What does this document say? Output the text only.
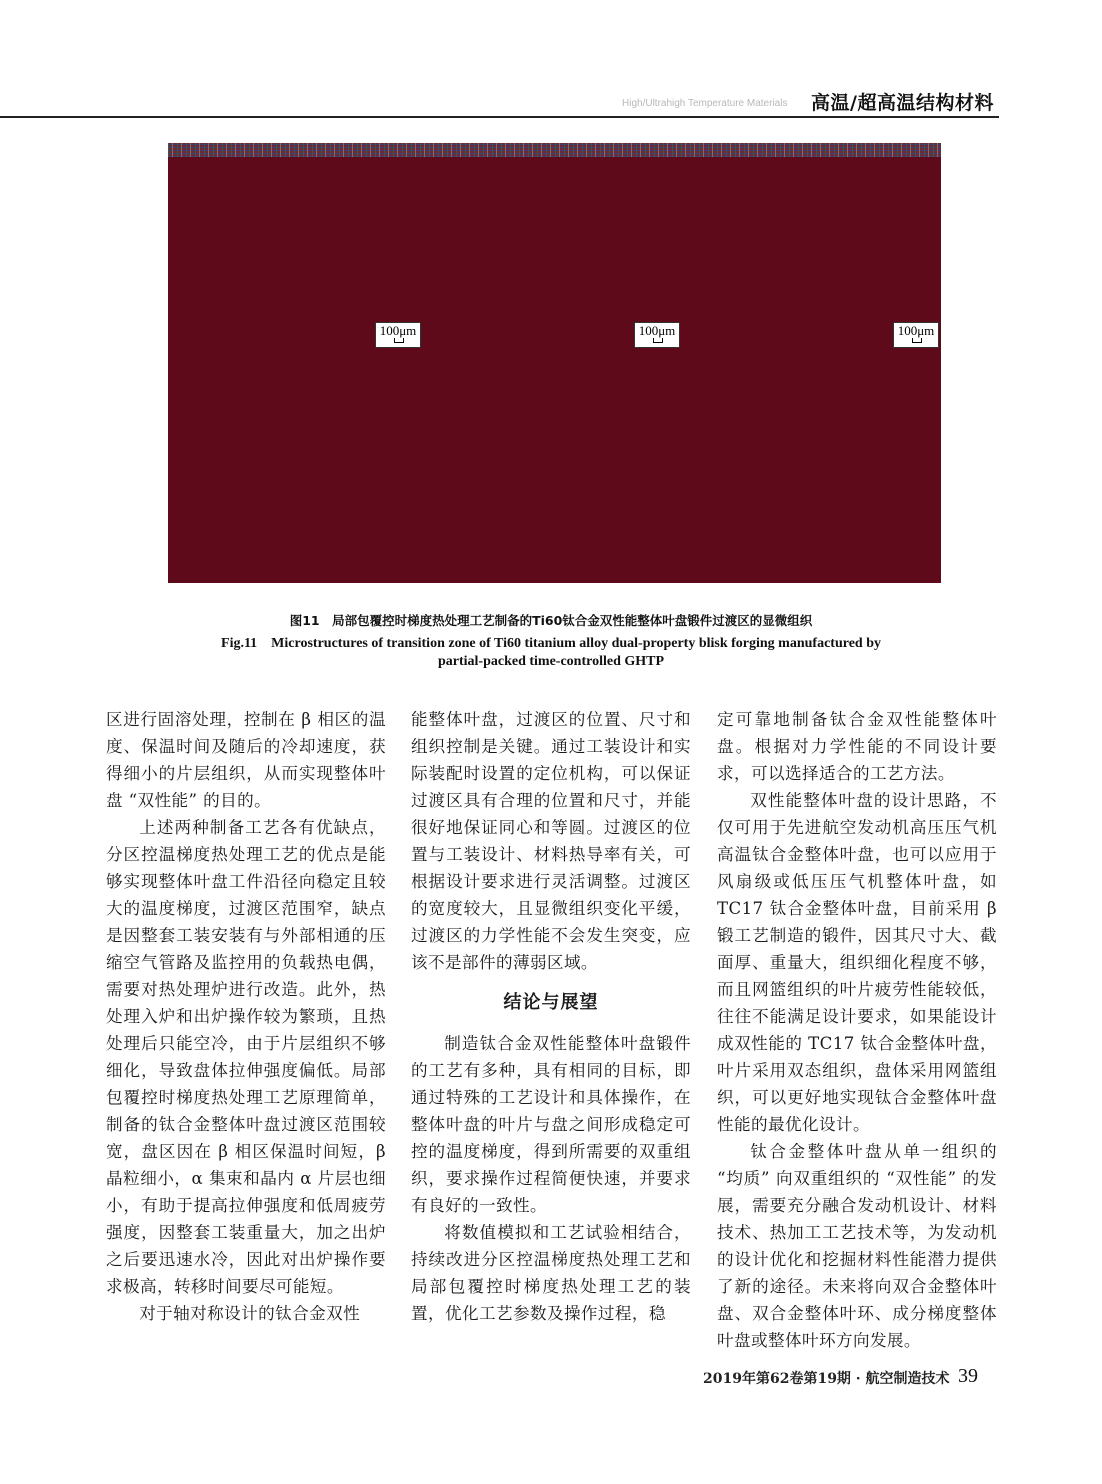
High/Ultrahigh Temperature Materials 高温/超高温结构材料
100μm	100μm	100μm
图11　局部包覆控时梯度热处理工艺制备的Ti60钛合金双性能整体叶盘锻件过渡区的显微组织
Fig.11　Microstructures of transition zone of Ti60 titanium alloy dual-property blisk forging manufactured by
partial-packed time-controlled GHTP

区进行固溶处理，控制在 β 相区的温度、保温时间及随后的冷却速度，获得细小的片层组织，从而实现整体叶盘 “双性能” 的目的。

上述两种制备工艺各有优缺点，分区控温梯度热处理工艺的优点是能够实现整体叶盘工件沿径向稳定且较大的温度梯度，过渡区范围窄，缺点是因整套工装安装有与外部相通的压缩空气管路及监控用的负载热电偶，需要对热处理炉进行改造。此外，热处理入炉和出炉操作较为繁琐，且热处理后只能空冷，由于片层组织不够细化，导致盘体拉伸强度偏低。局部包覆控时梯度热处理工艺原理简单，制备的钛合金整体叶盘过渡区范围较宽，盘区因在 β 相区保温时间短，β 晶粒细小，α 集束和晶内 α 片层也细小，有助于提高拉伸强度和低周疲劳强度，因整套工装重量大，加之出炉之后要迅速水冷，因此对出炉操作要求极高，转移时间要尽可能短。

对于轴对称设计的钛合金双性

能整体叶盘，过渡区的位置、尺寸和组织控制是关键。通过工装设计和实际装配时设置的定位机构，可以保证过渡区具有合理的位置和尺寸，并能很好地保证同心和等圆。过渡区的位置与工装设计、材料热导率有关，可根据设计要求进行灵活调整。过渡区的宽度较大，且显微组织变化平缓，过渡区的力学性能不会发生突变，应该不是部件的薄弱区域。

结论与展望

制造钛合金双性能整体叶盘锻件的工艺有多种，具有相同的目标，即通过特殊的工艺设计和具体操作，在整体叶盘的叶片与盘之间形成稳定可控的温度梯度，得到所需要的双重组织，要求操作过程简便快速，并要求有良好的一致性。

将数值模拟和工艺试验相结合，持续改进分区控温梯度热处理工艺和局部包覆控时梯度热处理工艺的装置，优化工艺参数及操作过程，稳

定可靠地制备钛合金双性能整体叶盘。根据对力学性能的不同设计要求，可以选择适合的工艺方法。

双性能整体叶盘的设计思路，不仅可用于先进航空发动机高压压气机高温钛合金整体叶盘，也可以应用于风扇级或低压压气机整体叶盘，如 TC17 钛合金整体叶盘，目前采用 β 锻工艺制造的锻件，因其尺寸大、截面厚、重量大，组织细化程度不够，而且网篮组织的叶片疲劳性能较低，往往不能满足设计要求，如果能设计成双性能的 TC17 钛合金整体叶盘，叶片采用双态组织，盘体采用网篮组织，可以更好地实现钛合金整体叶盘性能的最优化设计。

钛合金整体叶盘从单一组织的 “均质” 向双重组织的 “双性能” 的发展，需要充分融合发动机设计、材料技术、热加工工艺技术等，为发动机的设计优化和挖掘材料性能潜力提供了新的途径。未来将向双合金整体叶盘、双合金整体叶环、成分梯度整体叶盘或整体叶环方向发展。

2019年第62卷第19期 · 航空制造技术 39
